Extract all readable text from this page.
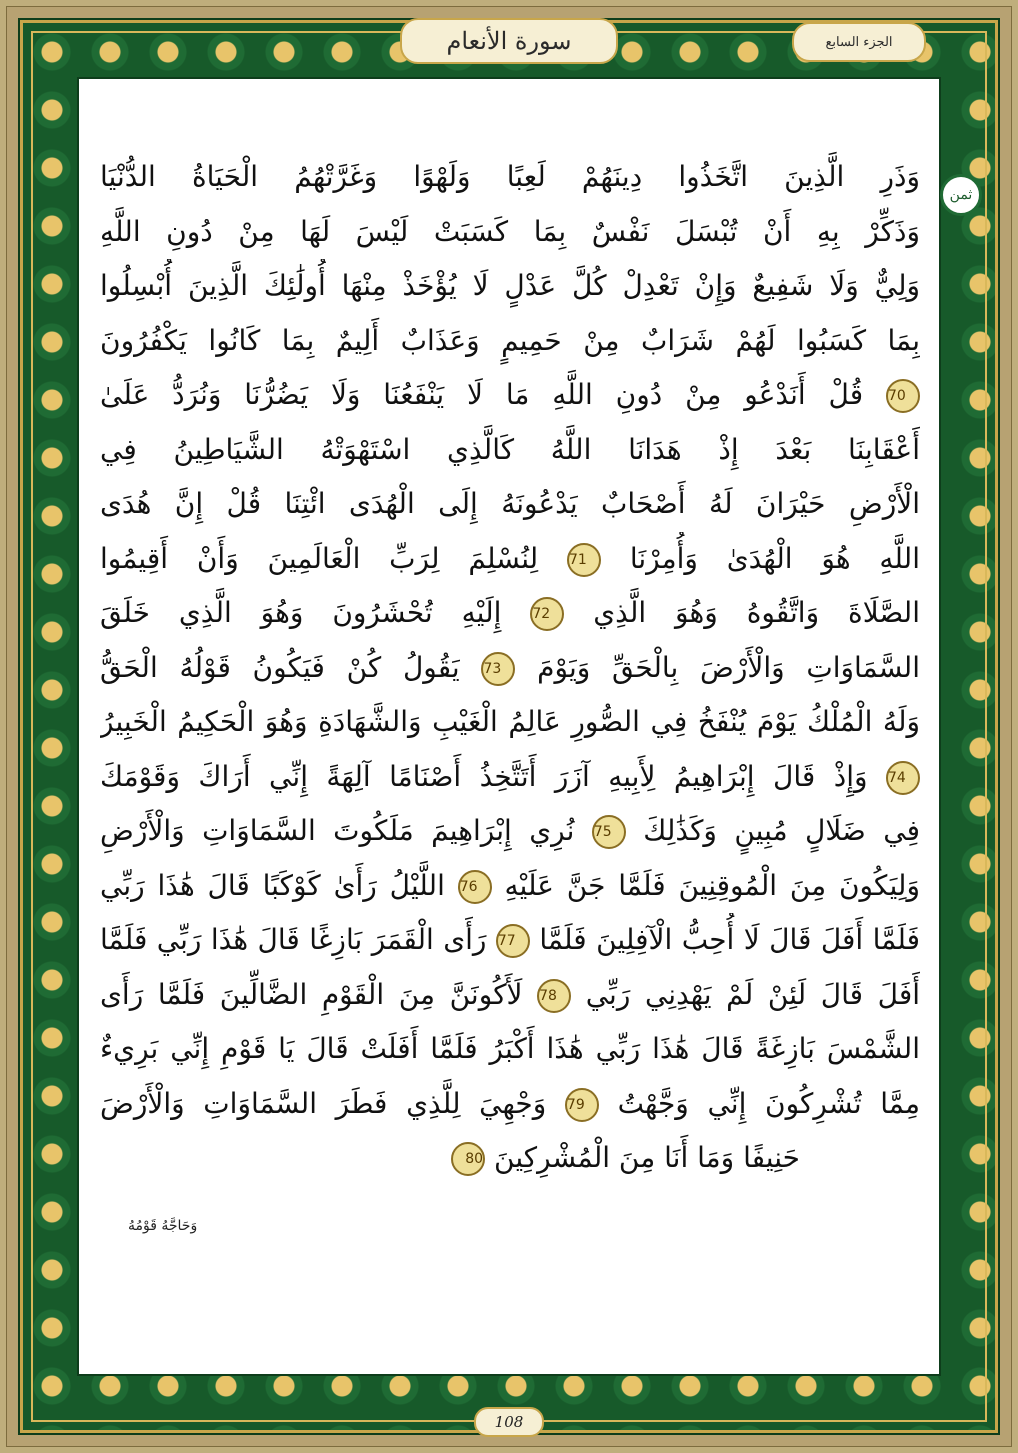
الجزء السابع
سورة الأنعام
ثمن
وَذَرِ الَّذِينَ اتَّخَذُوا دِينَهُمْ لَعِبًا وَلَهْوًا وَغَرَّتْهُمُ الْحَيَاةُ الدُّنْيَا
وَذَكِّرْ بِهِ أَنْ تُبْسَلَ نَفْسٌ بِمَا كَسَبَتْ لَيْسَ لَهَا مِنْ دُونِ اللَّهِ
وَلِيٌّ وَلَا شَفِيعٌ وَإِنْ تَعْدِلْ كُلَّ عَدْلٍ لَا يُؤْخَذْ مِنْهَا أُولَٰئِكَ الَّذِينَ أُبْسِلُوا
بِمَا كَسَبُوا لَهُمْ شَرَابٌ مِنْ حَمِيمٍ وَعَذَابٌ أَلِيمٌ بِمَا كَانُوا يَكْفُرُونَ
70 قُلْ أَنَدْعُو مِنْ دُونِ اللَّهِ مَا لَا يَنْفَعُنَا وَلَا يَضُرُّنَا وَنُرَدُّ عَلَىٰ
أَعْقَابِنَا بَعْدَ إِذْ هَدَانَا اللَّهُ كَالَّذِي اسْتَهْوَتْهُ الشَّيَاطِينُ فِي
الْأَرْضِ حَيْرَانَ لَهُ أَصْحَابٌ يَدْعُونَهُ إِلَى الْهُدَى ائْتِنَا قُلْ إِنَّ هُدَى
اللَّهِ هُوَ الْهُدَىٰ وَأُمِرْنَا 71 لِنُسْلِمَ لِرَبِّ الْعَالَمِينَ وَأَنْ أَقِيمُوا
الصَّلَاةَ وَاتَّقُوهُ وَهُوَ الَّذِي 72 إِلَيْهِ تُحْشَرُونَ وَهُوَ الَّذِي خَلَقَ
السَّمَاوَاتِ وَالْأَرْضَ بِالْحَقِّ وَيَوْمَ 73 يَقُولُ كُنْ فَيَكُونُ قَوْلُهُ الْحَقُّ
وَلَهُ الْمُلْكُ يَوْمَ يُنْفَخُ فِي الصُّورِ عَالِمُ الْغَيْبِ وَالشَّهَادَةِ وَهُوَ الْحَكِيمُ الْخَبِيرُ
74 وَإِذْ قَالَ إِبْرَاهِيمُ لِأَبِيهِ آزَرَ أَتَتَّخِذُ أَصْنَامًا آلِهَةً إِنِّي أَرَاكَ وَقَوْمَكَ
فِي ضَلَالٍ مُبِينٍ وَكَذَٰلِكَ 75 نُرِي إِبْرَاهِيمَ مَلَكُوتَ السَّمَاوَاتِ وَالْأَرْضِ
وَلِيَكُونَ مِنَ الْمُوقِنِينَ فَلَمَّا جَنَّ عَلَيْهِ 76 اللَّيْلُ رَأَىٰ كَوْكَبًا قَالَ هَٰذَا رَبِّي
فَلَمَّا أَفَلَ قَالَ لَا أُحِبُّ الْآفِلِينَ فَلَمَّا 77 رَأَى الْقَمَرَ بَازِغًا قَالَ هَٰذَا رَبِّي فَلَمَّا
أَفَلَ قَالَ لَئِنْ لَمْ يَهْدِنِي رَبِّي 78 لَأَكُونَنَّ مِنَ الْقَوْمِ الضَّالِّينَ فَلَمَّا رَأَى
الشَّمْسَ بَازِغَةً قَالَ هَٰذَا رَبِّي هَٰذَا أَكْبَرُ فَلَمَّا أَفَلَتْ قَالَ يَا قَوْمِ إِنِّي بَرِيءٌ
مِمَّا تُشْرِكُونَ إِنِّي وَجَّهْتُ 79 وَجْهِيَ لِلَّذِي فَطَرَ السَّمَاوَاتِ وَالْأَرْضَ
حَنِيفًا وَمَا أَنَا مِنَ الْمُشْرِكِينَ 80
وَحَاجَّهُ قَوْمُهُ
108
